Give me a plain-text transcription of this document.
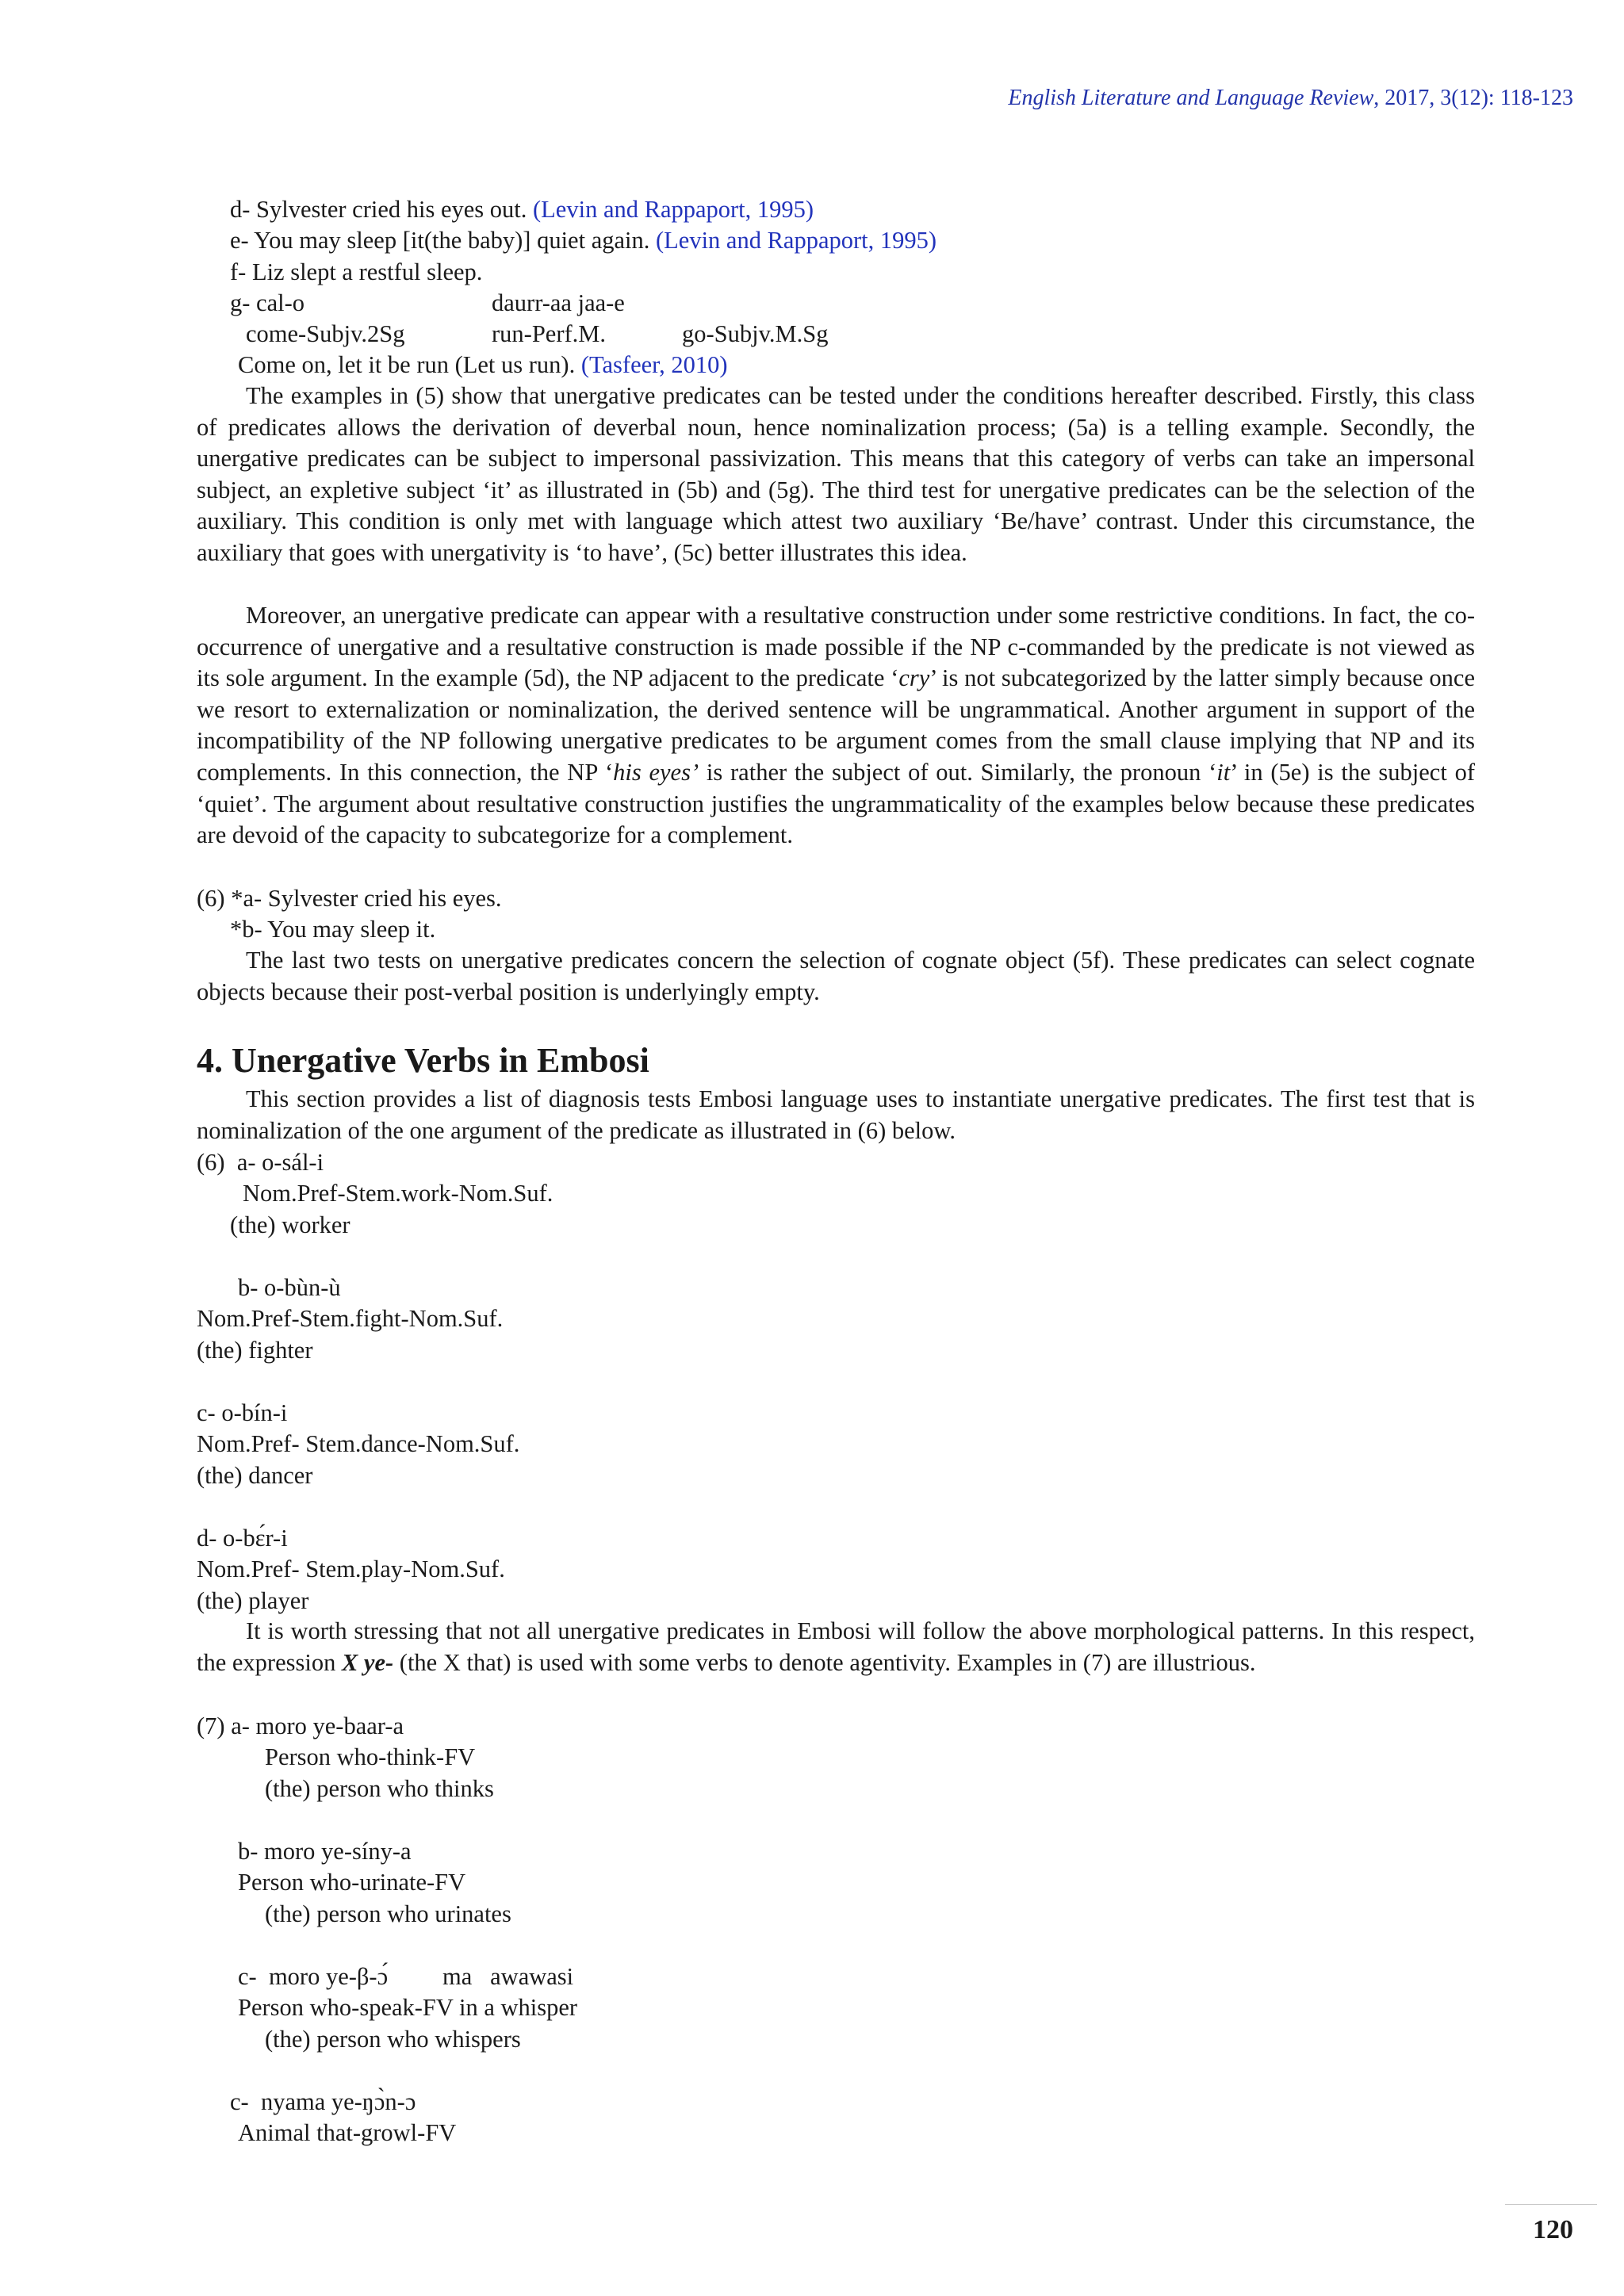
English Literature and Language Review, 2017, 3(12): 118-123
d- Sylvester cried his eyes out. (Levin and Rappaport, 1995)
e- You may sleep [it(the baby)] quiet again. (Levin and Rappaport, 1995)
f- Liz slept a restful sleep.
g- cal-o	daurr-aa jaa-e
come-Subjv.2Sg	run-Perf.M.	go-Subjv.M.Sg
Come on, let it be run (Let us run). (Tasfeer, 2010)
The examples in (5) show that unergative predicates can be tested under the conditions hereafter described. Firstly, this class of predicates allows the derivation of deverbal noun, hence nominalization process; (5a) is a telling example. Secondly, the unergative predicates can be subject to impersonal passivization. This means that this category of verbs can take an impersonal subject, an expletive subject ‘it’ as illustrated in (5b) and (5g). The third test for unergative predicates can be the selection of the auxiliary. This condition is only met with language which attest two auxiliary ‘Be/have’ contrast. Under this circumstance, the auxiliary that goes with unergativity is ‘to have’, (5c) better illustrates this idea.
Moreover, an unergative predicate can appear with a resultative construction under some restrictive conditions. In fact, the co-occurrence of unergative and a resultative construction is made possible if the NP c-commanded by the predicate is not viewed as its sole argument. In the example (5d), the NP adjacent to the predicate ‘cry’ is not subcategorized by the latter simply because once we resort to externalization or nominalization, the derived sentence will be ungrammatical. Another argument in support of the incompatibility of the NP following unergative predicates to be argument comes from the small clause implying that NP and its complements. In this connection, the NP ‘his eyes’ is rather the subject of out. Similarly, the pronoun ‘it’ in (5e) is the subject of ‘quiet’. The argument about resultative construction justifies the ungrammaticality of the examples below because these predicates are devoid of the capacity to subcategorize for a complement.
(6) *a- Sylvester cried his eyes.
*b- You may sleep it.
The last two tests on unergative predicates concern the selection of cognate object (5f). These predicates can select cognate objects because their post-verbal position is underlyingly empty.
4. Unergative Verbs in Embosi
This section provides a list of diagnosis tests Embosi language uses to instantiate unergative predicates. The first test that is nominalization of the one argument of the predicate as illustrated in (6) below.
(6)  a- o-sál-i
Nom.Pref-Stem.work-Nom.Suf.
(the) worker
b- o-bùn-ù
Nom.Pref-Stem.fight-Nom.Suf.
(the) fighter
c- o-bín-i
Nom.Pref- Stem.dance-Nom.Suf.
(the) dancer
d- o-bɛ́r-i
Nom.Pref- Stem.play-Nom.Suf.
(the) player
It is worth stressing that not all unergative predicates in Embosi will follow the above morphological patterns. In this respect, the expression X ye- (the X that) is used with some verbs to denote agentivity. Examples in (7) are illustrious.
(7) a- moro ye-baar-a
Person who-think-FV
(the) person who thinks
b- moro ye-síny-a
Person who-urinate-FV
(the) person who urinates
c-  moro ye-β-ɔ́ ma   awawasi
Person who-speak-FV in a whisper
(the) person who whispers
c-  nyama ye-ŋɔ̀n-ɔ
Animal that-growl-FV
120
